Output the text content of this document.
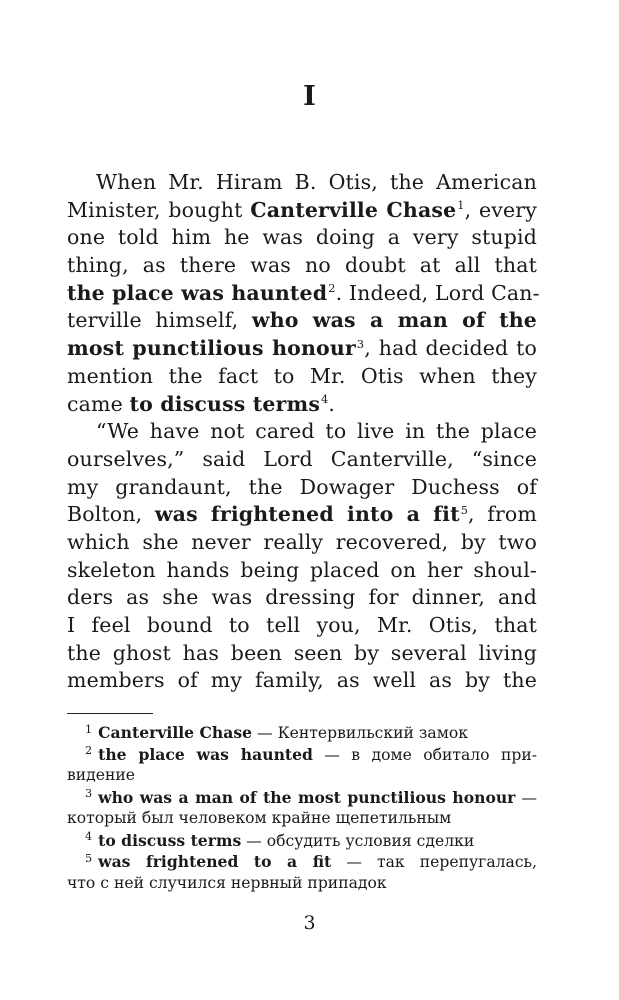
I
When Mr. Hiram B. Otis, the American
Minister, bought Canterville Chase$^1$, every
one told him he was doing a very stupid
thing, as there was no doubt at all that
the place was haunted$^2$. Indeed, Lord Can-
terville himself, who was a man of the
most punctilious honour$^3$, had decided to
mention the fact to Mr. Otis when they
came to discuss terms$^4$.
“We have not cared to live in the place
ourselves,” said Lord Canterville, “since
my grandaunt, the Dowager Duchess of
Bolton, was frightened into a fit$^5$, from
which she never really recovered, by two
skeleton hands being placed on her shoul-
ders as she was dressing for dinner, and
I feel bound to tell you, Mr. Otis, that
the ghost has been seen by several living
members of my family, as well as by the
$^1$ Canterville Chase — Кентервильский замок
$^2$ the place was haunted — в доме обитало при-
видение
$^3$ who was a man of the most punctilious honour —
который был человеком крайне щепетильным
$^4$ to discuss terms — обсудить условия сделки
$^5$ was frightened to a fit — так перепугалась,
что с ней случился нервный припадок
3
